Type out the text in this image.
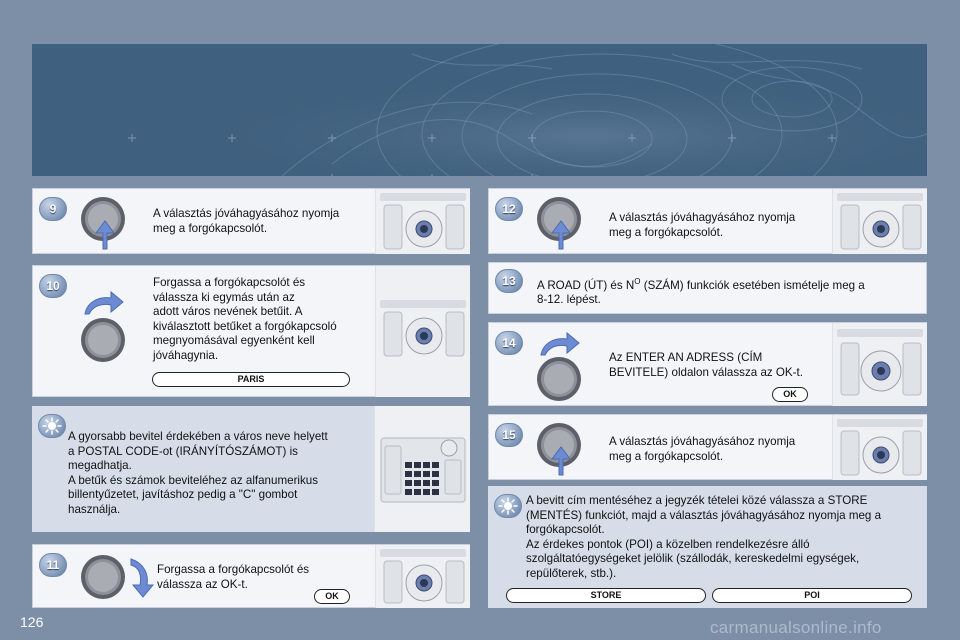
9	A választás jóváhagyásához nyomja
meg a forgókapcsolót.
10	Forgassa a forgókapcsolót és
válassza ki egymás után az
adott város nevének betűit. A
kiválasztott betűket a forgókapcsoló
megnyomásával egyenként kell
jóváhagynia.
PARIS
A gyorsabb bevitel érdekében a város neve helyett
a POSTAL CODE-ot (IRÁNYÍTÓSZÁMOT) is
megadhatja.
A betűk és számok beviteléhez az alfanumerikus
billentyűzetet, javításhoz pedig a "C" gombot
használja.
11	Forgassa a forgókapcsolót és
válassza az OK-t.
OK
12
A választás jóváhagyásához nyomja
meg a forgókapcsolót.
13	A ROAD (ÚT) és $N^O$ (SZÁM) funkciók esetében ismételje meg a
8-12. lépést.
14
Az ENTER AN ADRESS (CÍM
BEVITELE) oldalon válassza az OK-t.
OK
15	A választás jóváhagyásához nyomja
meg a forgókapcsolót.
A bevitt cím mentéséhez a jegyzék tételei közé válassza a STORE
(MENTÉS) funkciót, majd a választás jóváhagyásához nyomja meg a
forgókapcsolót.
Az érdekes pontok (POI) a közelben rendelkezésre álló
szolgáltatóegységeket jelölik (szállodák, kereskedelmi egységek,
repülőterek, stb.).
STORE	POI
126	carmanualsonline.info
